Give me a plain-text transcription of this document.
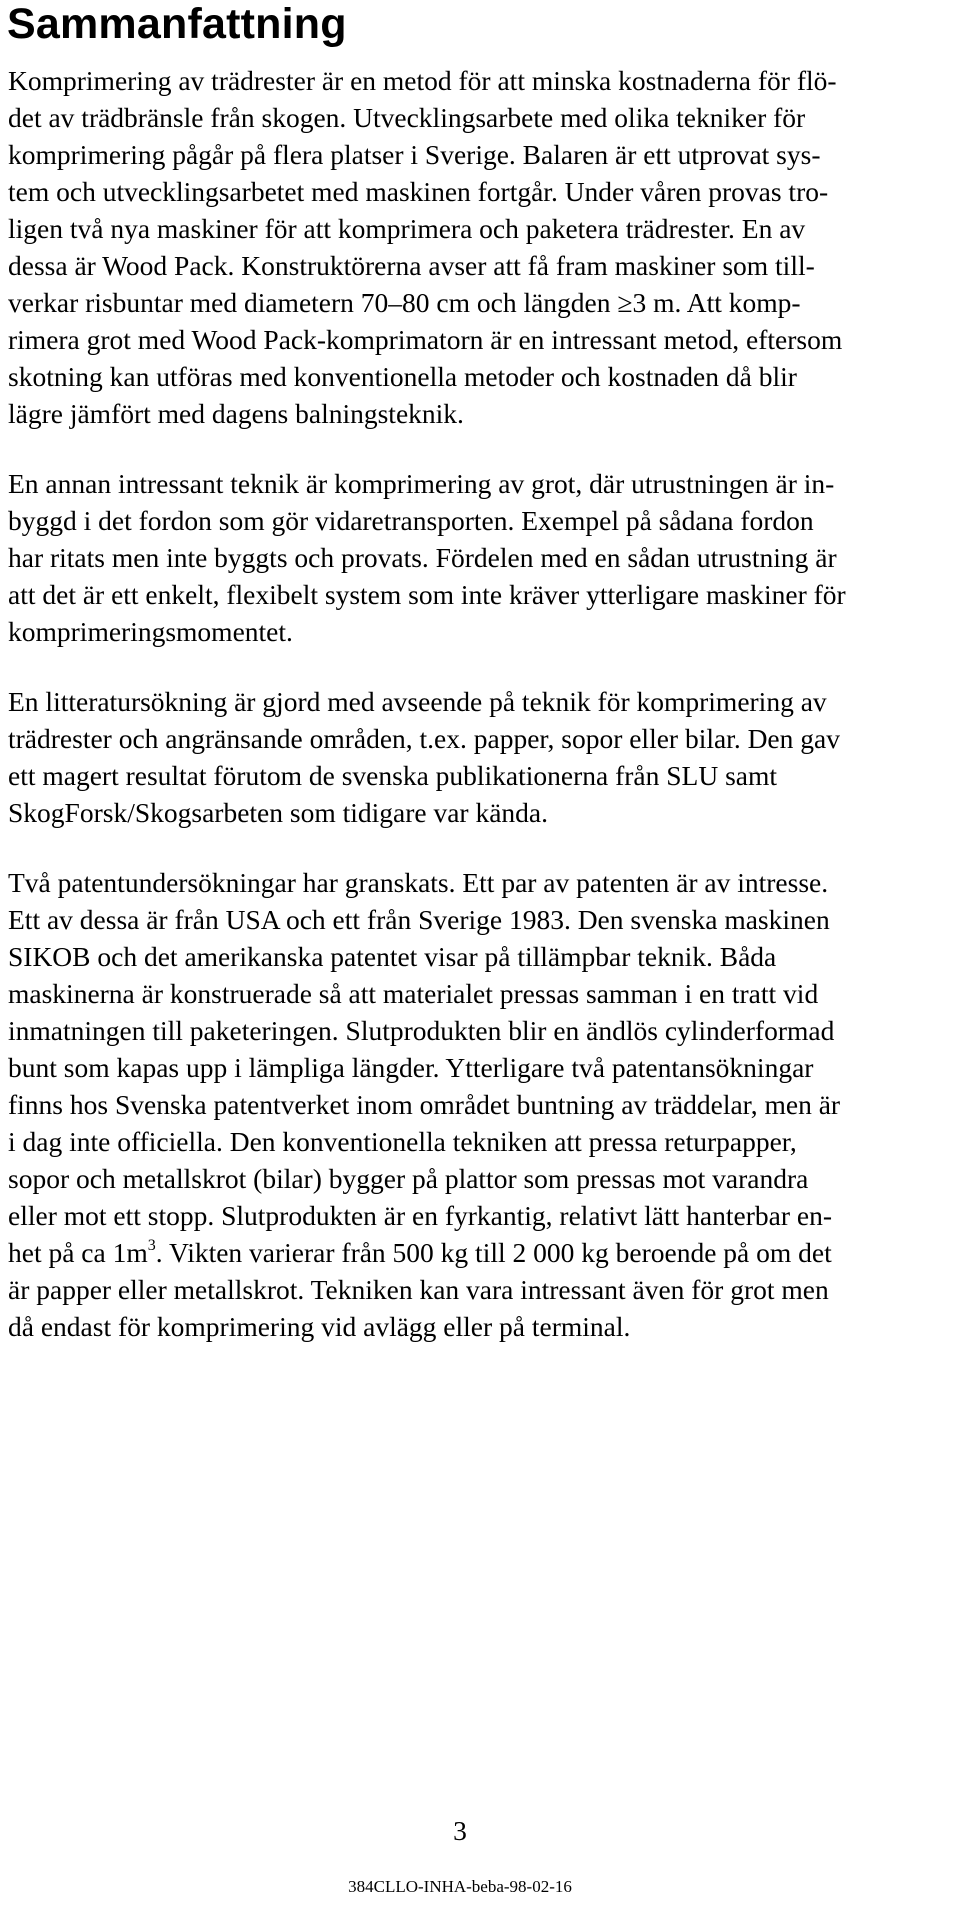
Sammanfattning
Komprimering av trädrester är en metod för att minska kostnaderna för flö-
det av trädbränsle från skogen. Utvecklingsarbete med olika tekniker för
komprimering pågår på flera platser i Sverige. Balaren är ett utprovat sys-
tem och utvecklingsarbetet med maskinen fortgår. Under våren provas tro-
ligen två nya maskiner för att komprimera och paketera trädrester. En av
dessa är Wood Pack. Konstruktörerna avser att få fram maskiner som till-
verkar risbuntar med diametern 70–80 cm och längden ≥3 m. Att komp-
rimera grot med Wood Pack-komprimatorn är en intressant metod, eftersom
skotning kan utföras med konventionella metoder och kostnaden då blir
lägre jämfört med dagens balningsteknik.
En annan intressant teknik är komprimering av grot, där utrustningen är in-
byggd i det fordon som gör vidaretransporten. Exempel på sådana fordon
har ritats men inte byggts och provats. Fördelen med en sådan utrustning är
att det är ett enkelt, flexibelt system som inte kräver ytterligare maskiner för
komprimeringsmomentet.
En litteratursökning är gjord med avseende på teknik för komprimering av
trädrester och angränsande områden, t.ex. papper, sopor eller bilar. Den gav
ett magert resultat förutom de svenska publikationerna från SLU samt
SkogForsk/Skogsarbeten som tidigare var kända.
Två patentundersökningar har granskats. Ett par av patenten är av intresse.
Ett av dessa är från USA och ett från Sverige 1983. Den svenska maskinen
SIKOB och det amerikanska patentet visar på tillämpbar teknik. Båda
maskinerna är konstruerade så att materialet pressas samman i en tratt vid
inmatningen till paketeringen. Slutprodukten blir en ändlös cylinderformad
bunt som kapas upp i lämpliga längder. Ytterligare två patentansökningar
finns hos Svenska patentverket inom området buntning av träddelar, men är
i dag inte officiella. Den konventionella tekniken att pressa returpapper,
sopor och metallskrot (bilar) bygger på plattor som pressas mot varandra
eller mot ett stopp. Slutprodukten är en fyrkantig, relativt lätt hanterbar en-
het på ca $1m^3$. Vikten varierar från 500 kg till 2 000 kg beroende på om det
är papper eller metallskrot. Tekniken kan vara intressant även för grot men
då endast för komprimering vid avlägg eller på terminal.

3

384CLLO-INHA-beba-98-02-16
